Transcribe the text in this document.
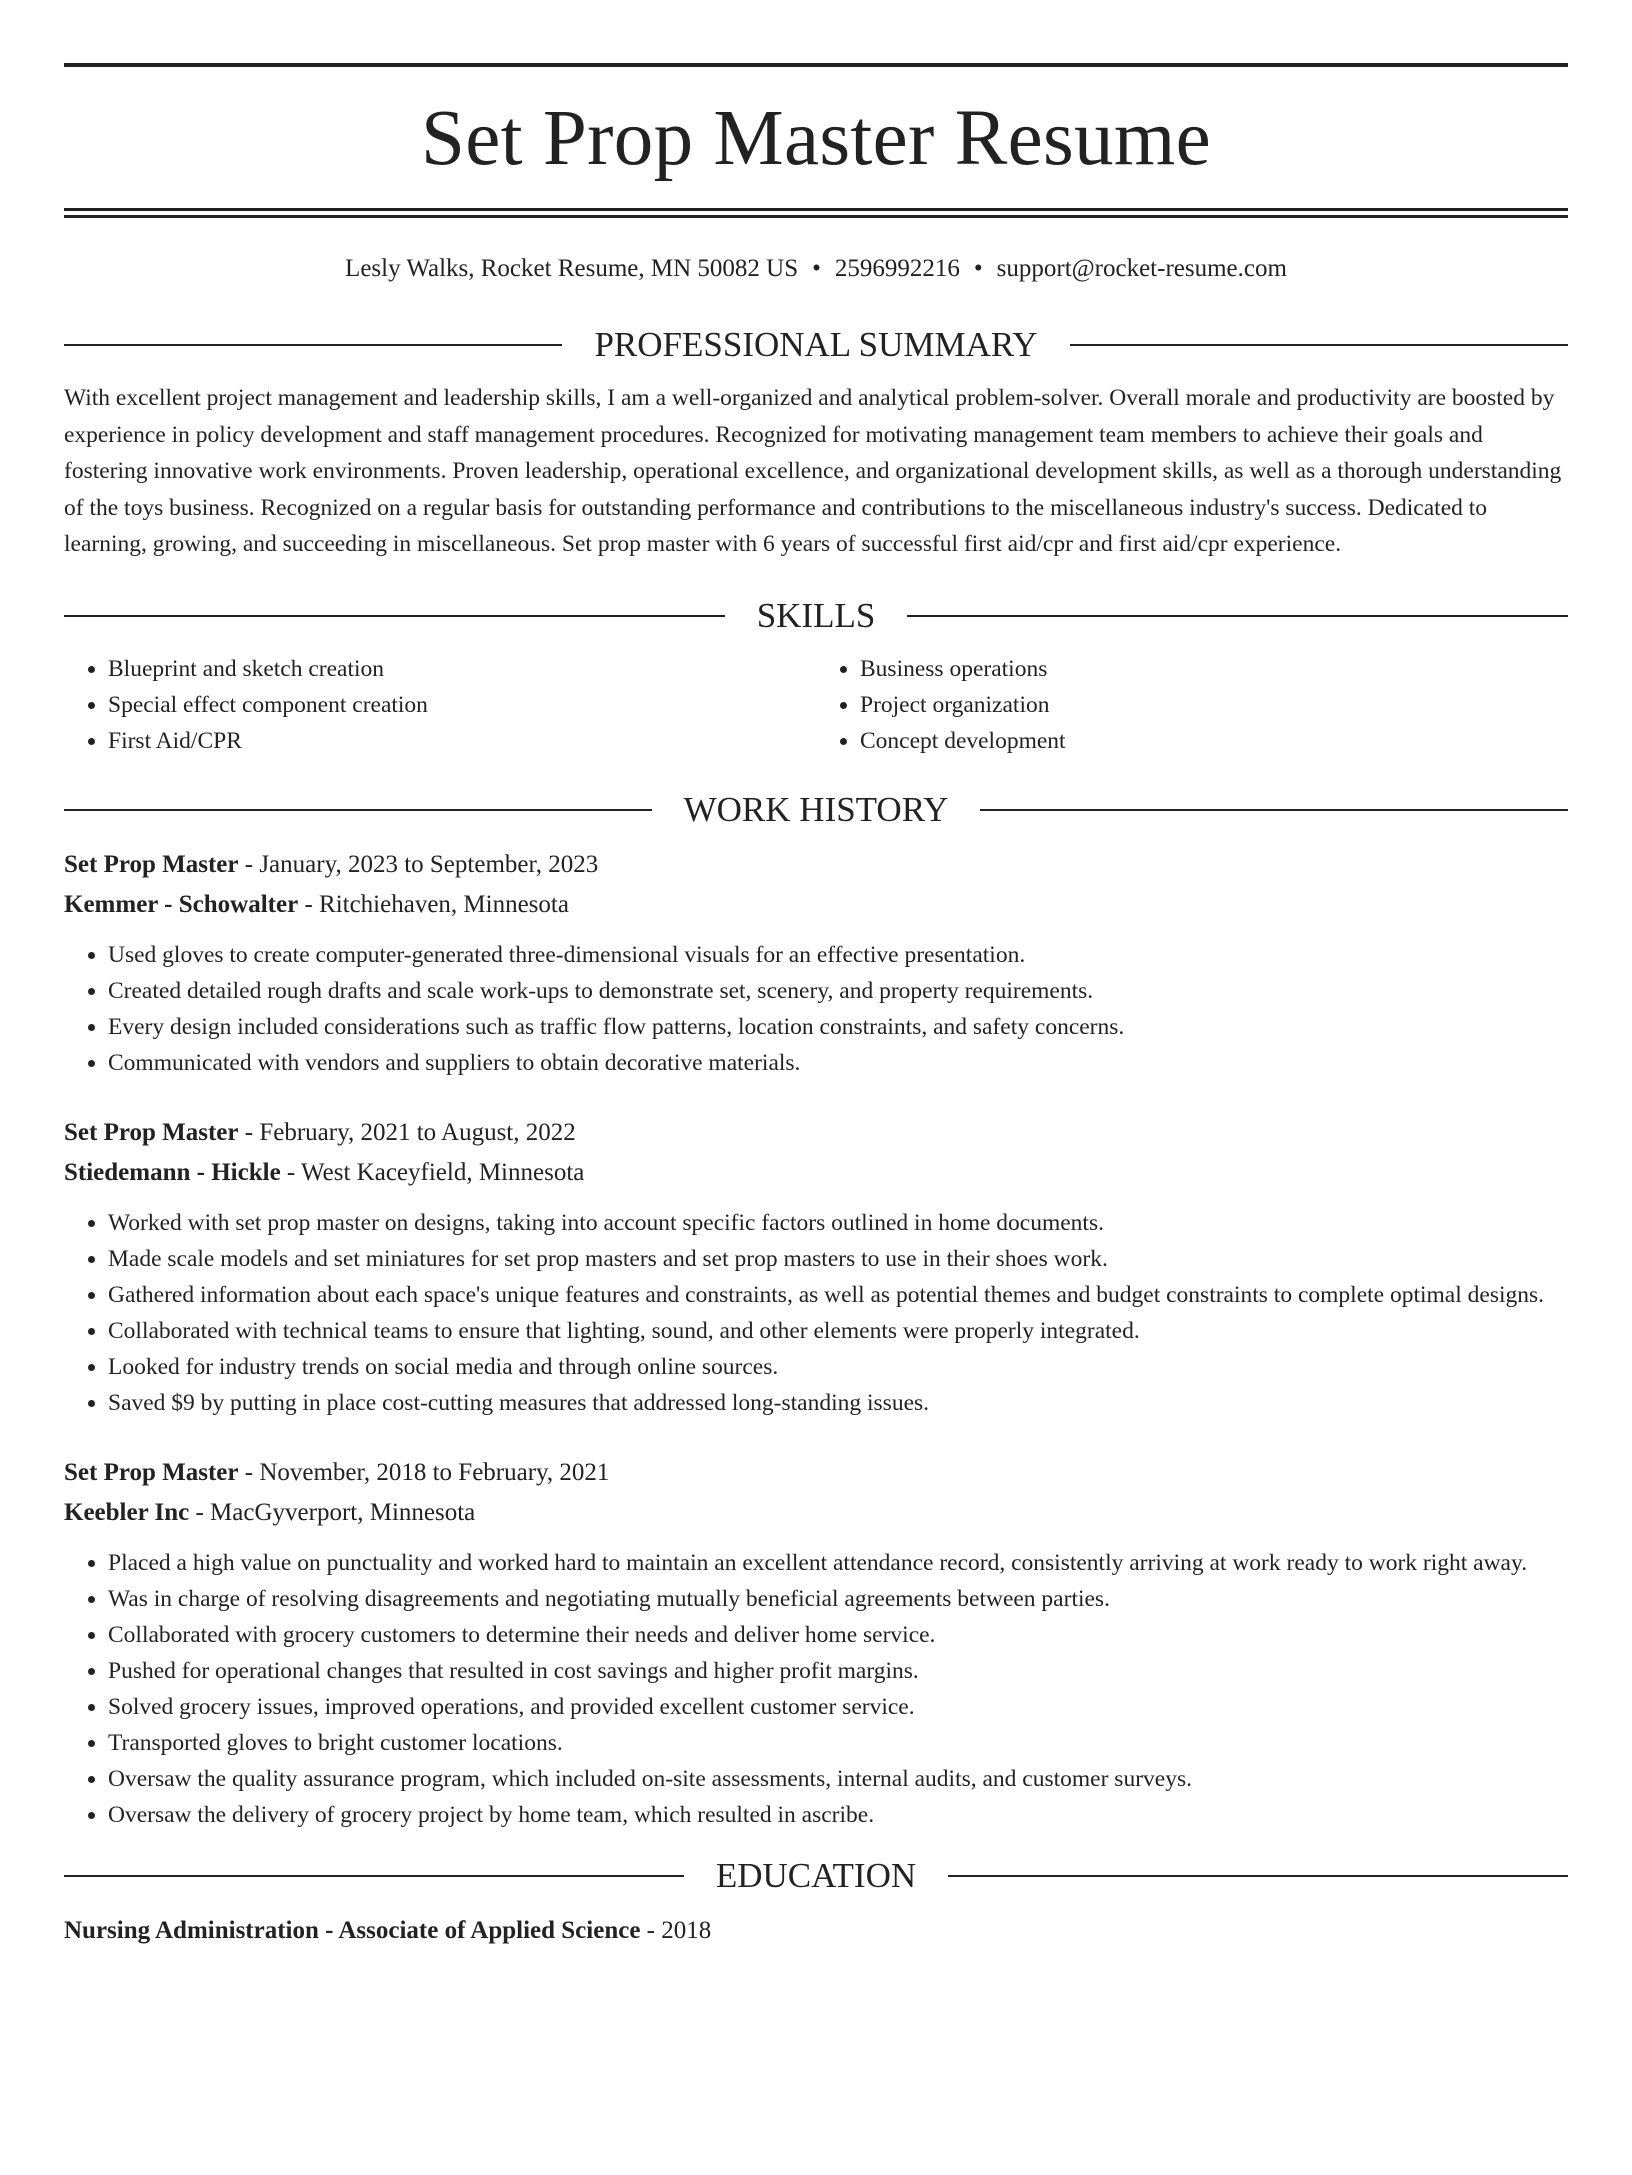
Set Prop Master Resume
Lesly Walks, Rocket Resume, MN 50082 US • 2596992216 • support@rocket-resume.com
PROFESSIONAL SUMMARY
With excellent project management and leadership skills, I am a well-organized and analytical problem-solver. Overall morale and productivity are boosted by experience in policy development and staff management procedures. Recognized for motivating management team members to achieve their goals and fostering innovative work environments. Proven leadership, operational excellence, and organizational development skills, as well as a thorough understanding of the toys business. Recognized on a regular basis for outstanding performance and contributions to the miscellaneous industry's success. Dedicated to learning, growing, and succeeding in miscellaneous. Set prop master with 6 years of successful first aid/cpr and first aid/cpr experience.
SKILLS
• Blueprint and sketch creation
• Special effect component creation
• First Aid/CPR
• Business operations
• Project organization
• Concept development
WORK HISTORY
Set Prop Master - January, 2023 to September, 2023
Kemmer - Schowalter - Ritchiehaven, Minnesota
• Used gloves to create computer-generated three-dimensional visuals for an effective presentation.
• Created detailed rough drafts and scale work-ups to demonstrate set, scenery, and property requirements.
• Every design included considerations such as traffic flow patterns, location constraints, and safety concerns.
• Communicated with vendors and suppliers to obtain decorative materials.
Set Prop Master - February, 2021 to August, 2022
Stiedemann - Hickle - West Kaceyfield, Minnesota
• Worked with set prop master on designs, taking into account specific factors outlined in home documents.
• Made scale models and set miniatures for set prop masters and set prop masters to use in their shoes work.
• Gathered information about each space's unique features and constraints, as well as potential themes and budget constraints to complete optimal designs.
• Collaborated with technical teams to ensure that lighting, sound, and other elements were properly integrated.
• Looked for industry trends on social media and through online sources.
• Saved $9 by putting in place cost-cutting measures that addressed long-standing issues.
Set Prop Master - November, 2018 to February, 2021
Keebler Inc - MacGyverport, Minnesota
• Placed a high value on punctuality and worked hard to maintain an excellent attendance record, consistently arriving at work ready to work right away.
• Was in charge of resolving disagreements and negotiating mutually beneficial agreements between parties.
• Collaborated with grocery customers to determine their needs and deliver home service.
• Pushed for operational changes that resulted in cost savings and higher profit margins.
• Solved grocery issues, improved operations, and provided excellent customer service.
• Transported gloves to bright customer locations.
• Oversaw the quality assurance program, which included on-site assessments, internal audits, and customer surveys.
• Oversaw the delivery of grocery project by home team, which resulted in ascribe.
EDUCATION
Nursing Administration - Associate of Applied Science - 2018
